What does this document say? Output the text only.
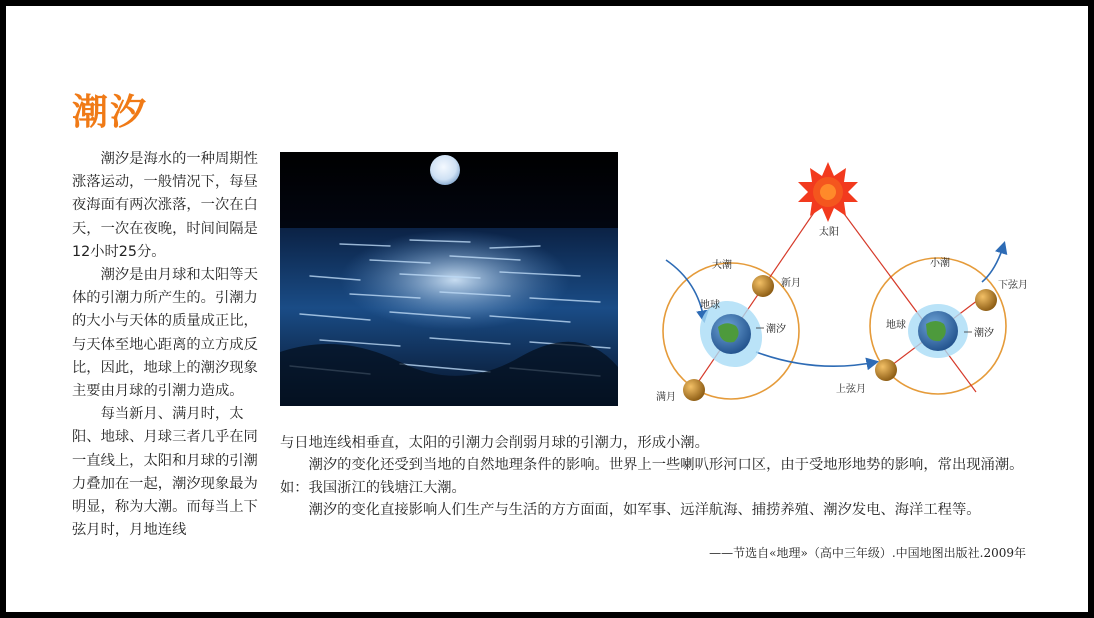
潮汐

潮汐是海水的一种周期性涨落运动，一般情况下，每昼夜海面有两次涨落，一次在白天，一次在夜晚，时间间隔是12小时25分。

潮汐是由月球和太阳等天体的引潮力所产生的。引潮力的大小与天体的质量成正比，与天体至地心距离的立方成反比，因此，地球上的潮汐现象主要由月球的引潮力造成。

每当新月、满月时，太阳、地球、月球三者几乎在同一直线上，太阳和月球的引潮力叠加在一起，潮汐现象最为明显，称为大潮。而每当上下弦月时，月地连线

太阳
大潮
新月
地球
潮汐
满月
小潮
下弦月
地球
潮汐
上弦月

与日地连线相垂直，太阳的引潮力会削弱月球的引潮力，形成小潮。

潮汐的变化还受到当地的自然地理条件的影响。世界上一些喇叭形河口区，由于受地形地势的影响，常出现涌潮。如：我国浙江的钱塘江大潮。

潮汐的变化直接影响人们生产与生活的方方面面，如军事、远洋航海、捕捞养殖、潮汐发电、海洋工程等。

——节选自«地理»（高中三年级）.中国地图出版社.2009年
